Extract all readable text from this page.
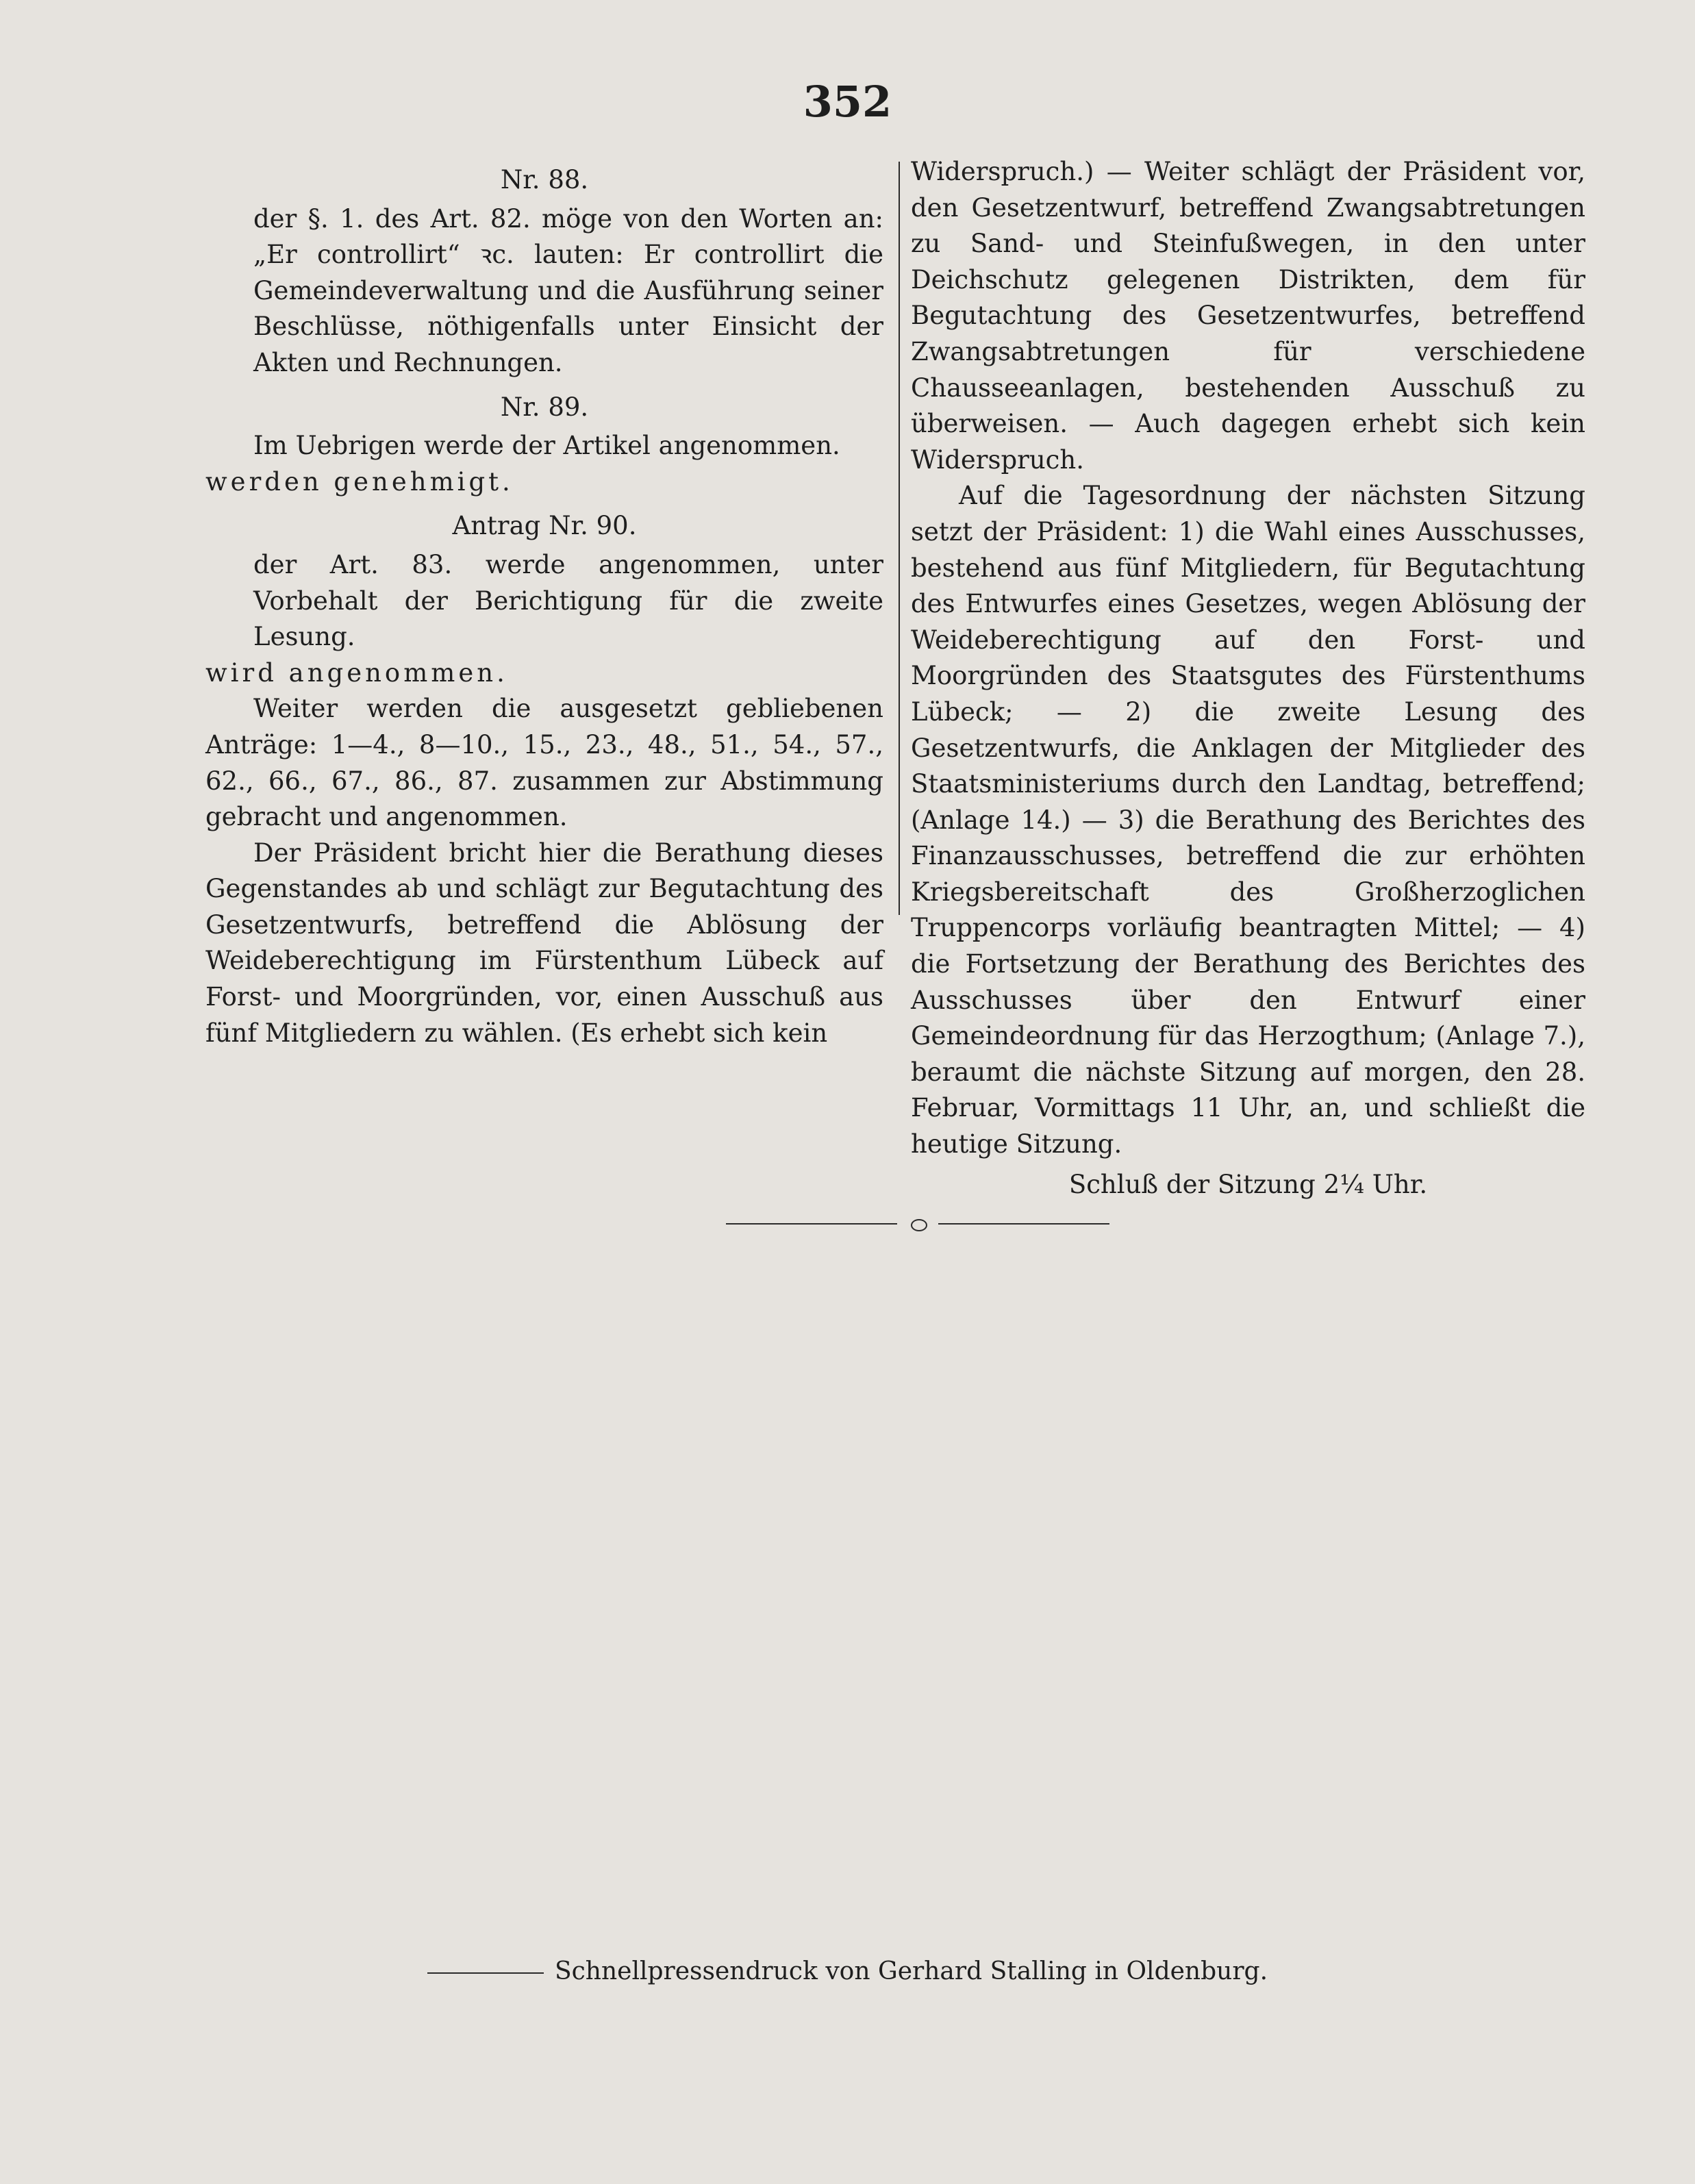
352
Nr. 88.

der §. 1. des Art. 82. möge von den Worten an: „Er controllirt“ ꝛc. lauten: Er controllirt die Gemeindeverwaltung und die Ausführung seiner Beschlüsse, nöthigenfalls unter Einsicht der Akten und Rechnungen.

Nr. 89.

Im Uebrigen werde der Artikel angenommen.

werden genehmigt.

Antrag Nr. 90.

der Art. 83. werde angenommen, unter Vorbehalt der Berichtigung für die zweite Lesung.

wird angenommen.

Weiter werden die ausgesetzt gebliebenen Anträge: 1—4., 8—10., 15., 23., 48., 51., 54., 57., 62., 66., 67., 86., 87. zusammen zur Abstimmung gebracht und angenommen.

Der Präsident bricht hier die Berathung dieses Gegenstandes ab und schlägt zur Begutachtung des Gesetzentwurfs, betreffend die Ablösung der Weideberechtigung im Fürstenthum Lübeck auf Forst- und Moorgründen, vor, einen Ausschuß aus fünf Mitgliedern zu wählen. (Es erhebt sich kein

Widerspruch.) — Weiter schlägt der Präsident vor, den Gesetzentwurf, betreffend Zwangsabtretungen zu Sand- und Steinfußwegen, in den unter Deichschutz gelegenen Distrikten, dem für Begutachtung des Gesetzentwurfes, betreffend Zwangsabtretungen für verschiedene Chausseeanlagen, bestehenden Ausschuß zu überweisen. — Auch dagegen erhebt sich kein Widerspruch.

Auf die Tagesordnung der nächsten Sitzung setzt der Präsident: 1) die Wahl eines Ausschusses, bestehend aus fünf Mitgliedern, für Begutachtung des Entwurfes eines Gesetzes, wegen Ablösung der Weideberechtigung auf den Forst- und Moorgründen des Staatsgutes des Fürstenthums Lübeck; — 2) die zweite Lesung des Gesetzentwurfs, die Anklagen der Mitglieder des Staatsministeriums durch den Landtag, betreffend; (Anlage 14.) — 3) die Berathung des Berichtes des Finanzausschusses, betreffend die zur erhöhten Kriegsbereitschaft des Großherzoglichen Truppencorps vorläufig beantragten Mittel; — 4) die Fortsetzung der Berathung des Berichtes des Ausschusses über den Entwurf einer Gemeindeordnung für das Herzogthum; (Anlage 7.), beraumt die nächste Sitzung auf morgen, den 28. Februar, Vormittags 11 Uhr, an, und schließt die heutige Sitzung.

Schluß der Sitzung 2¼ Uhr.

Schnellpressendruck von Gerhard Stalling in Oldenburg.
